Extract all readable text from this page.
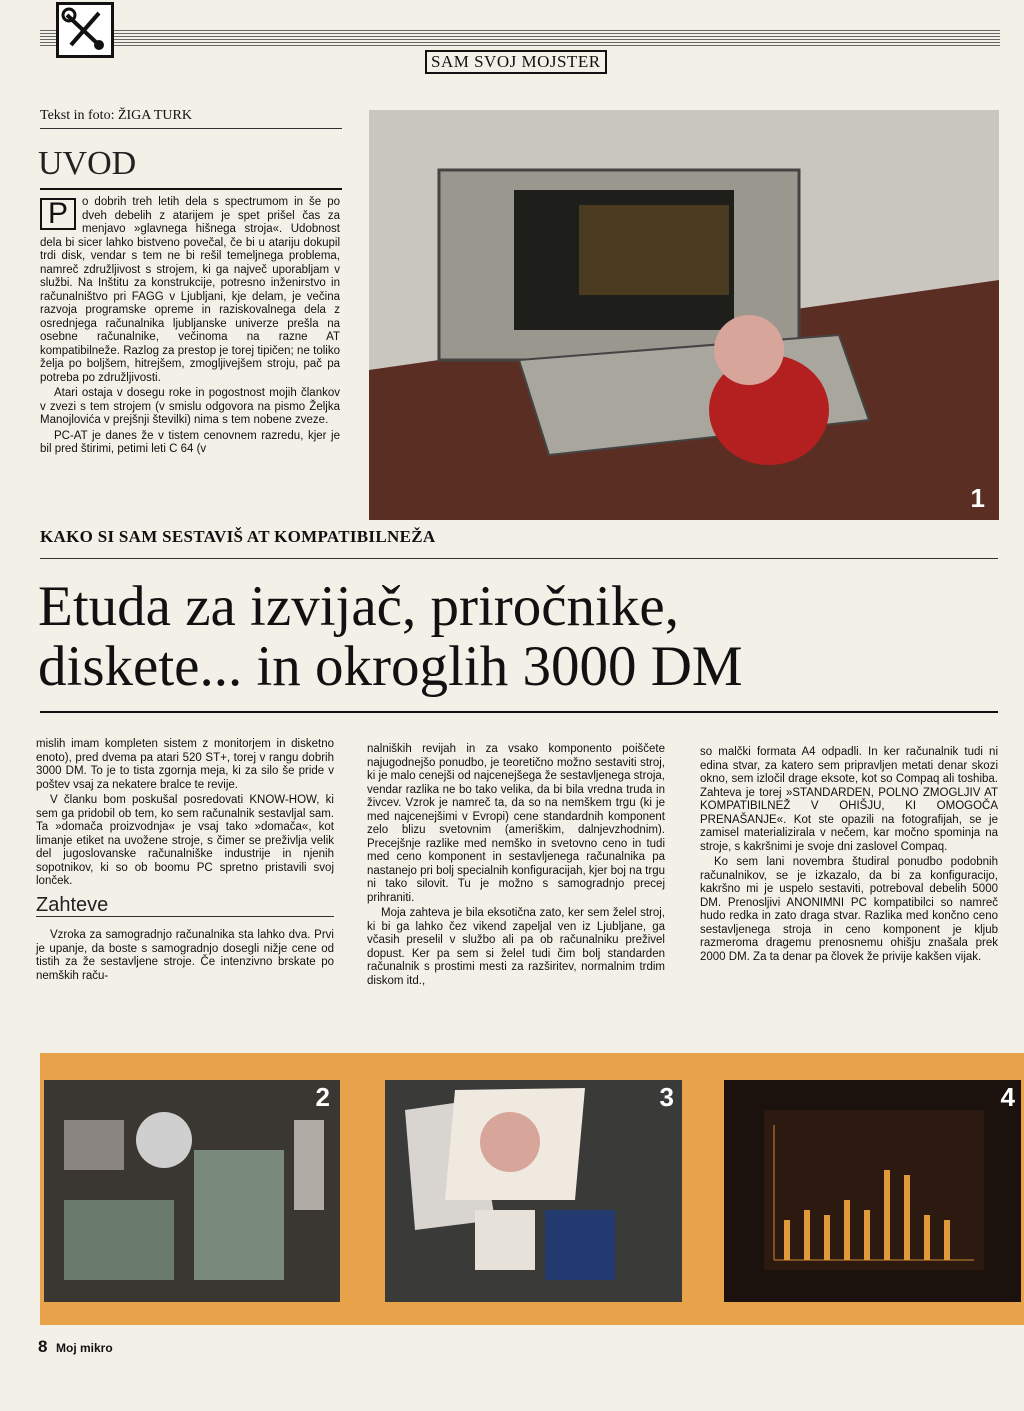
SAM SVOJ MOJSTER
Tekst in foto: ŽIGA TURK
UVOD
P	o dobrih treh letih dela s spectrumom in še po dveh debelih z atarijem je spet prišel čas za menjavo »glavnega hišnega stroja«. Udobnost dela bi sicer lahko bistveno povečal, če bi u atariju dokupil trdi disk, vendar s tem ne bi rešil temeljnega problema, namreč združljivost s strojem, ki ga največ uporabljam v službi. Na Inštitu za konstrukcije, potresno inženirstvo in računalništvo pri FAGG v Ljubljani, kje delam, je večina razvoja programske opreme in raziskovalnega dela z osrednjega računalnika ljubljanske univerze prešla na osebne računalnike, večinoma na razne AT kompatibilneže. Razlog za prestop je torej tipičen; ne toliko želja po boljšem, hitrejšem, zmogljivejšem stroju, pač pa potreba po združljivosti.

Atari ostaja v dosegu roke in pogostnost mojih člankov v zvezi s tem strojem (v smislu odgovora na pismo Željka Manojlovića v prejšnji številki) nima s tem nobene zveze.

PC-AT je danes že v tistem cenovnem razredu, kjer je bil pred štirimi, petimi leti C 64 (v

1
KAKO SI SAM SESTAVIŠ AT KOMPATIBILNEŽA
Etuda za izvijač, priročnike,
diskete... in okroglih 3000 DM

mislih imam kompleten sistem z monitorjem in disketno enoto), pred dvema pa atari 520 ST+, torej v rangu dobrih 3000 DM. To je to tista zgornja meja, ki za silo še pride v poštev vsaj za nekatere bralce te revije.

V članku bom poskušal posredovati KNOW-HOW, ki sem ga pridobil ob tem, ko sem računalnik sestavljal sam. Ta »domača proizvodnja« je vsaj tako »domača«, kot limanje etiket na uvožene stroje, s čimer se preživlja velik del jugoslovanske računalniške industrije in njenih sopotnikov, ki so ob boomu PC spretno pristavili svoj lonček.

Zahteve

Vzroka za samogradnjo računalnika sta lahko dva. Prvi je upanje, da boste s samogradnjo dosegli nižje cene od tistih za že sestavljene stroje. Če intenzivno brskate po nemških raču-

nalniških revijah in za vsako komponento poiščete najugodnejšo ponudbo, je teoretično možno sestaviti stroj, ki je malo cenejši od najcenejšega že sestavljenega stroja, vendar razlika ne bo tako velika, da bi bila vredna truda in živcev. Vzrok je namreč ta, da so na nemškem trgu (ki je med najcenejšimi v Evropi) cene standardnih komponent zelo blizu svetovnim (ameriškim, dalnjevzhodnim). Precejšnje razlike med nemško in svetovno ceno in tudi med ceno komponent in sestavljenega računalnika pa nastanejo pri bolj specialnih konfiguracijah, kjer boj na trgu ni tako silovit. Tu je možno s samogradnjo precej prihraniti.

Moja zahteva je bila eksotična zato, ker sem želel stroj, ki bi ga lahko čez vikend zapeljal ven iz Ljubljane, ga včasih preselil v službo ali pa ob računalniku preživel dopust. Ker pa sem si želel tudi čim bolj standarden računalnik s prostimi mesti za razširitev, normalnim trdim diskom itd.,

so malčki formata A4 odpadli. In ker računalnik tudi ni edina stvar, za katero sem pripravljen metati denar skozi okno, sem izločil drage eksote, kot so Compaq ali toshiba. Zahteva je torej »STANDARDEN, POLNO ZMOGLJIV AT KOMPATIBILNEŽ V OHIŠJU, KI OMOGOČA PRENAŠANJE«. Kot ste opazili na fotografijah, se je zamisel materializirala v nečem, kar močno spominja na stroje, s kakršnimi je svoje dni zaslovel Compaq.

Ko sem lani novembra študiral ponudbo podobnih računalnikov, se je izkazalo, da bi za konfiguracijo, kakršno mi je uspelo sestaviti, potreboval debelih 5000 DM. Prenosljivi ANONIMNI PC kompatibilci so namreč hudo redka in zato draga stvar. Razlika med končno ceno sestavljenega stroja in ceno komponent je kljub razmeroma dragemu prenosnemu ohišju znašala prek 2000 DM. Za ta denar pa človek že privije kakšen vijak.

2	3	4
8 Moj mikro
